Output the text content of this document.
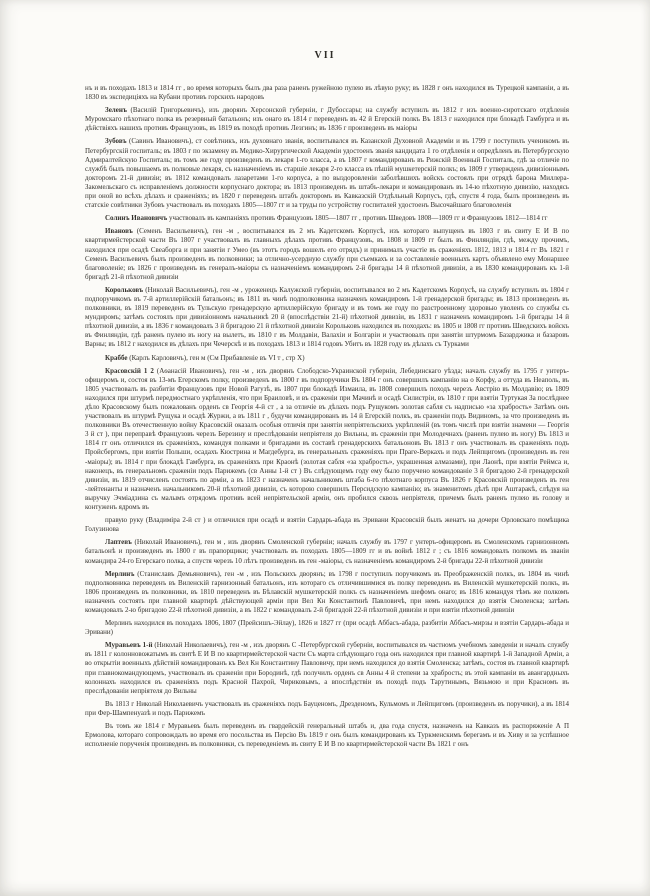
VII

нъ и въ походахъ 1813 и 1814 гг , во время которыхъ былъ два раза раненъ ружейною пулею въ лѣвую руку; въ 1828 г онъ находился въ Турецкой кампаніи, а въ 1830 въ экспедиціяхъ на Кубани противъ горскихъ народовъ

Зеленъ (Василій Григорьевичъ), изъ дворянъ Херсонской губерніи, г Дубоссары; на службу вступилъ въ 1812 г изъ военно-сиротскаго отдѣленія Муромскаго пѣхотнаго полка въ резервный батальонъ; изъ онаго въ 1814 г переведенъ въ 42 й Егерскій полкъ Въ 1813 г находился при блокадѣ Гамбурга и въ дѣйствіяхъ нашихъ противъ Французовъ, въ 1819 въ походѣ противъ Лезгинъ; въ 1836 г произведенъ въ маіоры

Зубовъ (Савинъ Ивановичъ), ст совѣтникъ, изъ духовнаго званія, воспитывался въ Казанской Духовной Академіи и въ 1799 г поступилъ ученикомъ въ Петербургскій госпиталь; въ 1803 г по экзамену въ Медико-Хирургической Академіи удостоенъ званія кандидата 1 го отдѣленія и опредѣленъ въ Петербургскую Адмиралтейскую Госпиталь; въ томъ же году произведенъ въ лекаря 1-го класса, а въ 1807 г командированъ въ Рижскій Военный Госпиталь, гдѣ за отличіе по службѣ былъ повышаемъ въ полковые лекаря, съ назначеніемъ въ старшіе лекаря 2-го класса въ пѣшій мушкетерскій полкъ; въ 1809 г утвержденъ дивизіоннымъ докторомъ 21-й дивизіи; въ 1812 командовалъ лазаретами 1-го корпуса, а по выздоровленіи заболѣвшихъ войскъ состоялъ при отрядѣ барона Миллера-Закомельскаго съ исправленіемъ должности корпуснаго доктора; въ 1813 произведенъ въ штабъ-лекари и командированъ въ 14-ю пѣхотную дивизію, находясь при оной во всѣхъ дѣлахъ и сраженіяхъ; въ 1820 г переведенъ штабъ докторомъ въ Кавказскій Отдѣльный Корпусъ, гдѣ, спустя 4 года, былъ произведенъ въ статскіе совѣтники Зубовъ участвовалъ въ походахъ 1805—1807 гг и за труды по устройству госпиталей удостоенъ Высочайшаго благоволенія

Солинъ Ивановичъ участвовалъ въ кампаніяхъ противъ Французовъ 1805—1807 гг , противъ Шведовъ 1808—1809 гг и Французовъ 1812—1814 гг

Ивановъ (Семенъ Васильевичъ), ген -м , воспитывался въ 2 мъ Кадетскомъ Корпусѣ, изъ котораго выпущенъ въ 1803 г въ свиту Е И В по квартирмейстерской части Въ 1807 г участвовалъ въ главныхъ дѣлахъ противъ Французовъ, въ 1808 и 1809 гг былъ въ Финляндіи, гдѣ, между прочимъ, находился при осадѣ Свеаборга и при занятіи г Умео (въ этотъ городъ вошелъ его отрядъ) и принималъ участіе въ сраженіяхъ 1812, 1813 и 1814 гг Въ 1821 г Семенъ Васильевичъ былъ произведенъ въ полковники; за отлично-усердную службу при съемкахъ и за составленіе военныхъ картъ объявлено ему Монаршее благоволеніе; въ 1826 г произведенъ въ генералъ-маіоры съ назначеніемъ командиромъ 2-й бригады 14 й пѣхотной дивизіи, а въ 1830 командированъ къ 1-й бригадѣ 21-й пѣхотной дивизіи

Корольковъ (Николай Васильевичъ), ген -м , уроженецъ Калужской губерніи, воспитывался во 2 мъ Кадетскомъ Корпусѣ, на службу вступилъ въ 1804 г подпоручикомъ въ 7-й артиллерійскій батальонъ; въ 1811 въ чинѣ подполковника назначенъ командиромъ 1-й гренадерской бригады; въ 1813 произведенъ въ полковники, въ 1819 переведенъ въ Тульскую гренадерскую артиллерійскую бригаду и въ томъ же году по разстроенному здоровью уволенъ со службы съ мундиромъ; затѣмъ состоялъ при дивизіонномъ начальникѣ 20 й (впослѣдствіи 21-й) пѣхотной дивизіи, въ 1831 г назначенъ командиромъ 1-й бригады 14 й пѣхотной дивизіи, а въ 1836 г командовалъ 3 й бригадою 21 й пѣхотной дивизіи Корольковъ находился въ походахъ: въ 1805 и 1808 гг противъ Шведскихъ войскъ въ Финляндіи, гдѣ раненъ пулею въ ногу на вылетъ, въ 1810 г въ Молдавіи, Валахіи и Болгаріи и участвовалъ при занятіи штурмомъ Базарджика и базаровъ Варны; въ 1812 г находился въ дѣлахъ при Чечерскѣ и въ походахъ 1813 и 1814 годовъ Убитъ въ 1828 году въ дѣлахъ съ Турками

Краббе (Карлъ Карловичъ), ген м (См Прибавленіе въ VI т , стр X)

Красовскій 1 2 (Аѳанасій Ивановичъ), ген -м , изъ дворянъ Слободско-Украинской губерніи, Лебединскаго уѣзда; началъ службу въ 1795 г унтеръ-офицеромъ и, состоя въ 13-мъ Егерскомъ полку, произведенъ въ 1800 г въ подпоручики Въ 1804 г онъ совершилъ кампанію на о Корфу, а оттуда въ Неаполь, въ 1805 участвовалъ въ разбитіи Французовъ при Новой Рагузѣ, въ 1807 при блокадѣ Измаила, въ 1808 совершилъ походъ черезъ Австрію въ Молдавію; въ 1809 находился при штурмѣ передмостнаго укрѣпленія, что при Браиловѣ, и въ сраженіи при Мачинѣ и осадѣ Силистріи, въ 1810 г при взятіи Туртукая За послѣднее дѣло Красовскому былъ пожалованъ орденъ св Георгія 4-й ст , а за отличіе въ дѣлахъ подъ Рущукомъ золотая сабля съ надписью «за храбрость» Затѣмъ онъ участвовалъ въ штурмѣ Рущука и осадѣ Журжи, а въ 1811 г , будучи командированъ въ 14 й Егерскій полкъ, въ сраженіи подъ Видиномъ, за что произведенъ въ полковники Въ отечественную войну Красовскій оказалъ особыя отличія при занятіи непріятельскихъ укрѣпленій (въ томъ числѣ при взятіи знамени — Георгія 3 й ст ), при переправѣ Французовъ черезъ Березину и преслѣдованіи непріятеля до Вильны, въ сраженіи при Молодечнахъ (раненъ пулею въ ногу) Въ 1813 и 1814 гг онъ отличился въ сраженіяхъ, командуя полками и бригадами въ составѣ гренадерскихъ батальоновъ Въ 1813 г онъ участвовалъ въ сраженіяхъ подъ Пройсбергомъ, при взятіи Польши, осадахъ Кюстрина и Магдебурга, въ генеральныхъ сраженіяхъ при Праге-Веркахъ и подъ Лейпцигомъ (произведенъ въ ген -маіоры); въ 1814 г при блокадѣ Гамбурга, въ сраженіяхъ при Краонѣ (золотая сабля «за храбрость», украшенная алмазами), при Лаонѣ, при взятіи Реймса и, наконецъ, въ генеральномъ сраженіи подъ Парижемъ (св Анны 1-й ст ) Въ слѣдующемъ году ему было поручено командованіе 3 й бригадою 2-й гренадерской дивизіи, въ 1819 отчисленъ состоять по арміи, а въ 1823 г назначенъ начальникомъ штаба 6-го пѣхотнаго корпуса Въ 1826 г Красовскій произведенъ въ ген -лейтенанты и назначенъ начальникомъ 20-й пѣхотной дивизіи, съ которою совершилъ Персидскую кампанію; въ знаменитомъ дѣлѣ при Аштаракѣ, слѣдуя на выручку Эчміадзина съ малымъ отрядомъ противъ всей непріятельской арміи, онъ пробился сквозь непріятеля, причемъ былъ раненъ пулею въ голову и контуженъ ядромъ въ

правую руку (Владиміра 2-й ст ) и отличился при осадѣ и взятіи Сардарь-абада въ Эривани Красовскій былъ женатъ на дочери Орловскаго помѣщика Голузинова

Лаптевъ (Николай Ивановичъ), ген м , изъ дворянъ Смоленской губерніи; началъ службу въ 1797 г унтеръ-офицеромъ въ Смоленскомъ гарнизонномъ батальонѣ и произведенъ въ 1800 г въ прапорщики; участвовалъ въ походахъ 1805—1809 гг и въ войнѣ 1812 г ; съ 1816 командовалъ полкомъ въ званіи командира 24-го Егерскаго полка, а спустя черезъ 10 лѣтъ произведенъ въ ген -маіоры, съ назначеніемъ командиромъ 2-й бригады 22-й пѣхотной дивизіи

Мерлинъ (Станиславъ Демьяновичъ), ген -м , изъ Польскихъ дворянъ; въ 1798 г поступилъ поручикомъ въ Преображенскій полкъ, въ 1804 въ чинѣ подполковника переведенъ въ Виленскій гарнизонный батальонъ, изъ котораго съ отличившимися въ полку переведенъ въ Виленскій мушкетерскій полкъ, въ 1806 произведенъ въ полковники, въ 1810 переведенъ въ Бѣлавскій мушкетерскій полкъ съ назначеніемъ шефомъ онаго; въ 1816 командуя тѣмъ же полкомъ назначенъ состоять при главной квартирѣ дѣйствующей арміи при Вел Кн Константинѣ Павловичѣ, при немъ находился до взятія Смоленска; затѣмъ командовалъ 2-ю бригадою 22-й пѣхотной дивизіи, а въ 1822 г командовалъ 2-й бригадой 22-й пѣхотной дивизіи и при взятіи пѣхотной дивизіи

Мерлинъ находился въ походахъ 1806, 1807 (Прейсишъ-Эйлау), 1826 и 1827 гг (при осадѣ Аббасъ-абада, разбитіи Аббасъ-мирзы и взятіи Сардарь-абада и Эривани)

Муравьевъ 1-й (Николай Николаевичъ), ген -м , изъ дворянъ С -Петербургской губерніи, воспитывался въ частномъ учебномъ заведеніи и началъ службу въ 1811 г колонновожатымъ въ свитѣ Е И В по квартирмейстерской части Съ марта слѣдующаго года онъ находился при главной квартирѣ 1-й Западной Арміи, а во открытіи военныхъ дѣйствій командированъ къ Вел Кн Константину Павловичу, при немъ находился до взятія Смоленска; затѣмъ, состоя въ главной квартирѣ при главнокомандующемъ, участвовалъ въ сраженіи при Бородинѣ, гдѣ получилъ орденъ св Анны 4 й степени за храбрость; въ этой кампаніи въ авангардныхъ колоннахъ находился въ сраженіяхъ подъ Красной Пахрой, Чириковымъ, а впослѣдствіи въ походѣ подъ Тарутинымъ, Вязьмою и при Красномъ въ преслѣдованіи непріятеля до Вильны

Въ 1813 г Николай Николаевичъ участвовалъ въ сраженіяхъ подъ Бауценомъ, Дрезденомъ, Кульмомъ и Лейпцигомъ (произведенъ въ поручики), а въ 1814 при Фер-Шампенуазѣ и подъ Парижемъ

Въ томъ же 1814 г Муравьевъ былъ переведенъ въ гвардейскій генеральный штабъ и, два года спустя, назначенъ на Кавказъ въ распоряженіе А П Ермолова, котораго сопровождалъ во время его посольства въ Персію Въ 1819 г онъ былъ командированъ къ Туркменскимъ берегамъ и въ Хиву и за успѣшное исполненіе порученія произведенъ въ полковники, съ переведеніемъ въ свиту Е И В по квартирмейстерской части Въ 1821 г онъ
